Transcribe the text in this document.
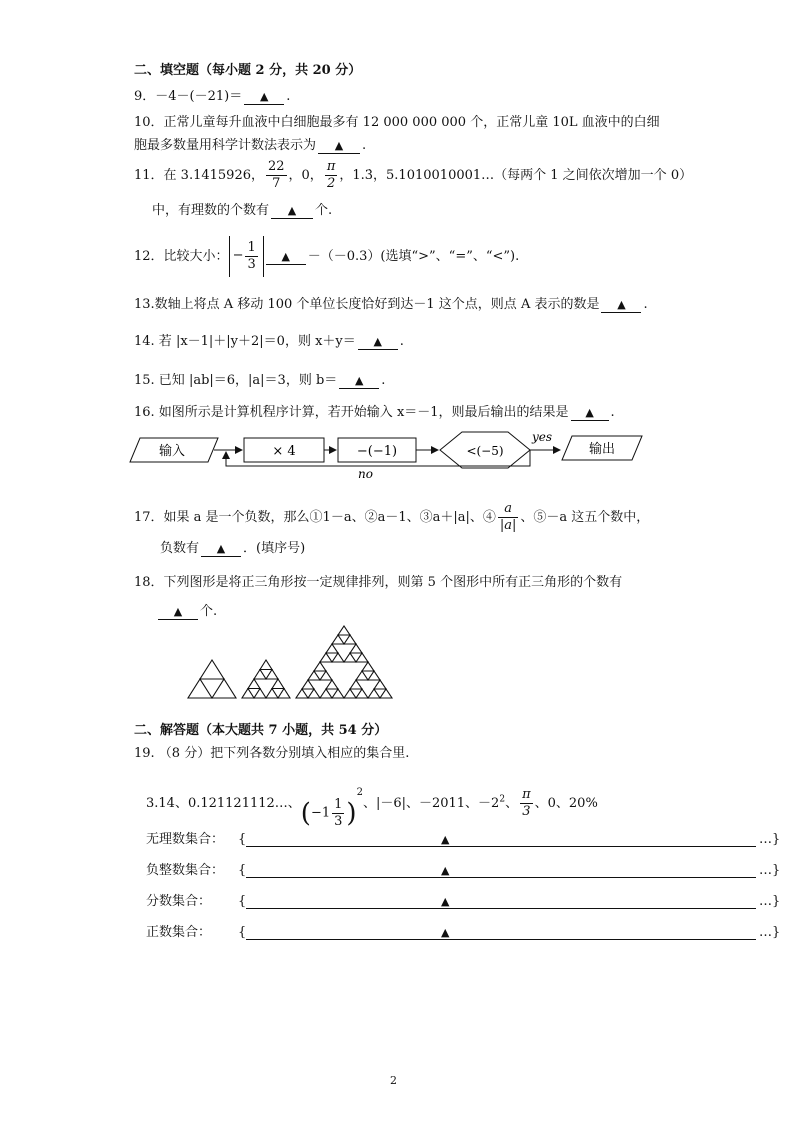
二、填空题（每小题 2 分，共 20 分）
9．－4－(－21)＝ ▲ .
10．正常儿童每升血液中白细胞最多有 12 000 000 000 个，正常儿童 10L 血液中的白细
胞最多数量用科学计数法表示为 ▲ .
11．在 3.1415926， $\frac{22}{7}$ ，0， $\frac{\pi}{2}$ ，1.3̇，5.1010010001…（每两个 1 之间依次增加一个 0）
中，有理数的个数有 ▲ 个.
12．比较大小： − $\frac{1}{3}$ ▲ －（－0.3）(选填“>”、“=”、“<”).
13.数轴上将点 A 移动 100 个单位长度恰好到达－1 这个点，则点 A 表示的数是 ▲ .
14. 若 |x－1|＋|y＋2|＝0，则 x＋y＝ ▲ .
15. 已知 |ab|＝6，|a|＝3，则 b＝ ▲ .
16. 如图所示是计算机程序计算，若开始输入 x＝－1，则最后输出的结果是 ▲ .
输入	× 4	−(−1)	<(−5)
yes
输出
no
17．如果 a 是一个负数，那么①1－a、②a－1、③a＋|a|、④ $\frac{a}{|a|}$ 、⑤－a 这五个数中，
负数有 ▲ ．(填序号)
18．下列图形是将正三角形按一定规律排列，则第 5 个图形中所有正三角形的个数有
▲ 个.
二、解答题（本大题共 7 小题，共 54 分）
19. （8 分）把下列各数分别填入相应的集合里.
3.14、0.121121112…、$(-1 \frac{1}{3} )^2$、|－6|、－2011、$-2^2$、 $\frac{\pi}{3}$ 、0、20%
无理数集合： {	▲	…}
负整数集合： {	▲	…}
分数集合： {	▲	…}
正数集合： {	▲	…}
2
